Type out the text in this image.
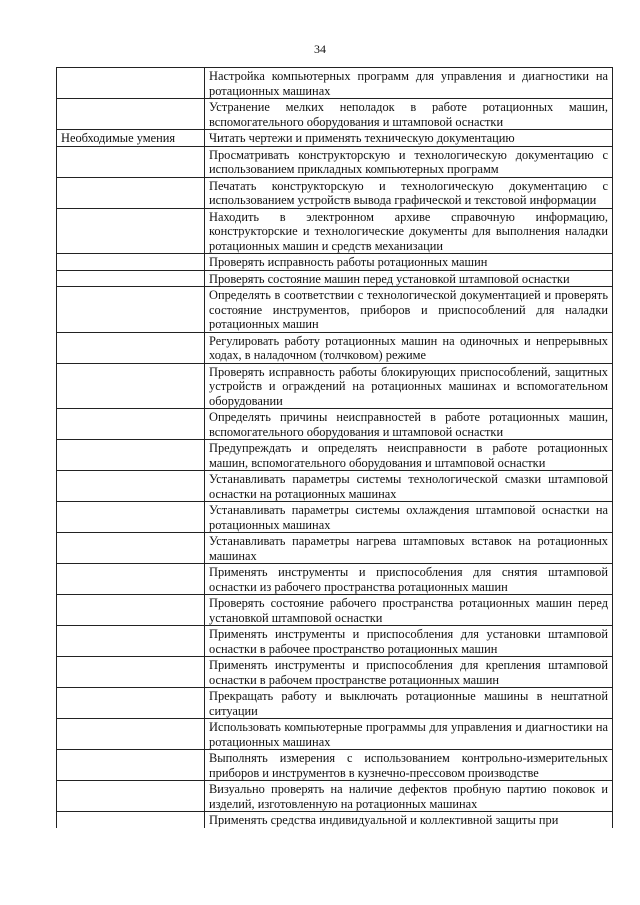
34
	Настройка компьютерных программ для управления и диагностики на ротационных машинах
	Устранение мелких неполадок в работе ротационных машин, вспомогательного оборудования и штамповой оснастки
Необходимые умения	Читать чертежи и применять техническую документацию
	Просматривать конструкторскую и технологическую документацию с использованием прикладных компьютерных программ
	Печатать конструкторскую и технологическую документацию с использованием устройств вывода графической и текстовой информации
	Находить в электронном архиве справочную информацию, конструкторские и технологические документы для выполнения наладки ротационных машин и средств механизации
	Проверять исправность работы ротационных машин
	Проверять состояние машин перед установкой штамповой оснастки
	Определять в соответствии с технологической документацией и проверять состояние инструментов, приборов и приспособлений для наладки ротационных машин
	Регулировать работу ротационных машин на одиночных и непрерывных ходах, в наладочном (толчковом) режиме
	Проверять исправность работы блокирующих приспособлений, защитных устройств и ограждений на ротационных машинах и вспомогательном оборудовании
	Определять причины неисправностей в работе ротационных машин, вспомогательного оборудования и штамповой оснастки
	Предупреждать и определять неисправности в работе ротационных машин, вспомогательного оборудования и штамповой оснастки
	Устанавливать параметры системы технологической смазки штамповой оснастки на ротационных машинах
	Устанавливать параметры системы охлаждения штамповой оснастки на ротационных машинах
	Устанавливать параметры нагрева штамповых вставок на ротационных машинах
	Применять инструменты и приспособления для снятия штамповой оснастки из рабочего пространства ротационных машин
	Проверять состояние рабочего пространства ротационных машин перед установкой штамповой оснастки
	Применять инструменты и приспособления для установки штамповой оснастки в рабочее пространство ротационных машин
	Применять инструменты и приспособления для крепления штамповой оснастки в рабочем пространстве ротационных машин
	Прекращать работу и выключать ротационные машины в нештатной ситуации
	Использовать компьютерные программы для управления и диагностики на ротационных машинах
	Выполнять измерения с использованием контрольно-измерительных приборов и инструментов в кузнечно-прессовом производстве
	Визуально проверять на наличие дефектов пробную партию поковок и изделий, изготовленную на ротационных машинах
	Применять средства индивидуальной и коллективной защиты при
